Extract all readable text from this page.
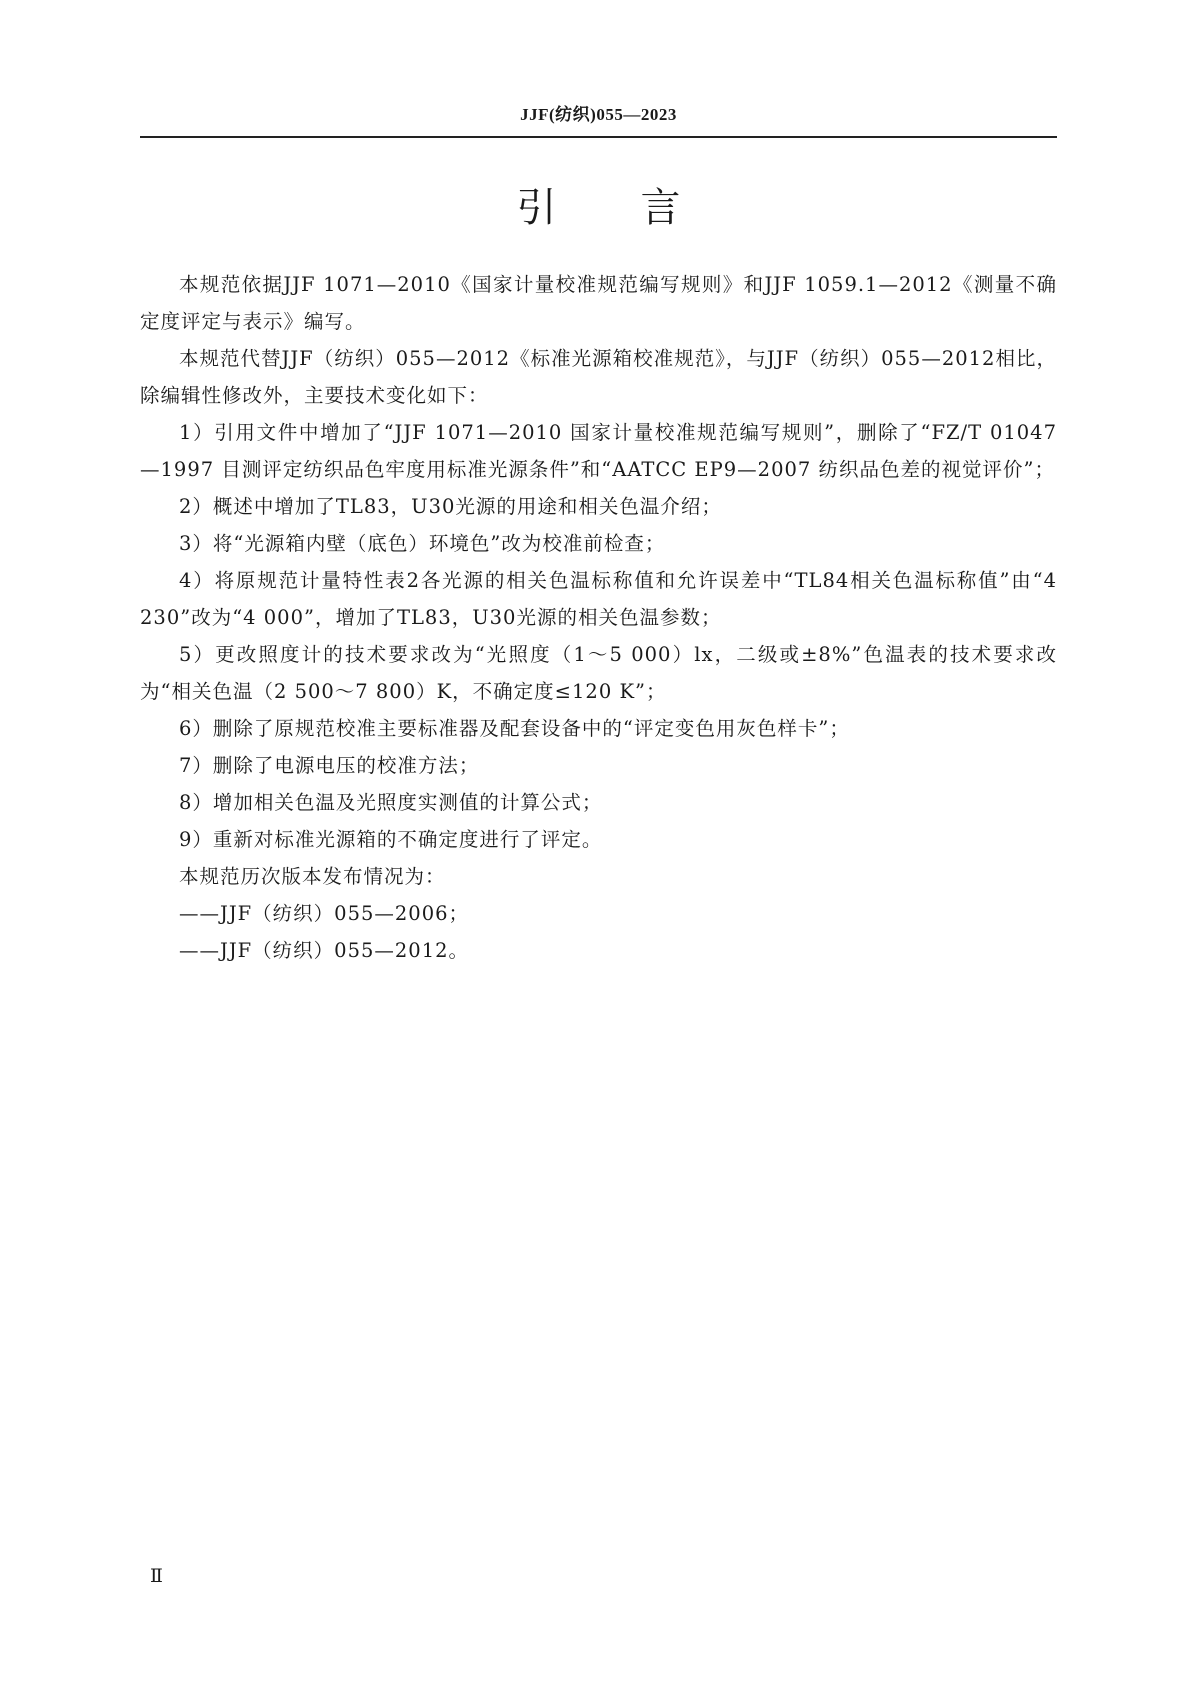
JJF(纺织)055—2023
引言

本规范依据JJF 1071—2010《国家计量校准规范编写规则》和JJF 1059.1—2012《测量不确定度评定与表示》编写。

本规范代替JJF（纺织）055—2012《标准光源箱校准规范》，与JJF（纺织）055—2012相比，除编辑性修改外，主要技术变化如下：

1）引用文件中增加了“JJF 1071—2010 国家计量校准规范编写规则”，删除了“FZ/T 01047—1997 目测评定纺织品色牢度用标准光源条件”和“AATCC EP9—2007 纺织品色差的视觉评价”；

2）概述中增加了TL83，U30光源的用途和相关色温介绍；

3）将“光源箱内壁（底色）环境色”改为校准前检查；

4）将原规范计量特性表2各光源的相关色温标称值和允许误差中“TL84相关色温标称值”由“4 230”改为“4 000”，增加了TL83，U30光源的相关色温参数；

5）更改照度计的技术要求改为“光照度（1～5 000）lx，二级或±8%”色温表的技术要求改为“相关色温（2 500～7 800）K，不确定度≤120 K”；

6）删除了原规范校准主要标准器及配套设备中的“评定变色用灰色样卡”；

7）删除了电源电压的校准方法；

8）增加相关色温及光照度实测值的计算公式；

9）重新对标准光源箱的不确定度进行了评定。

本规范历次版本发布情况为：

——JJF（纺织）055—2006；

——JJF（纺织）055—2012。

Ⅱ
